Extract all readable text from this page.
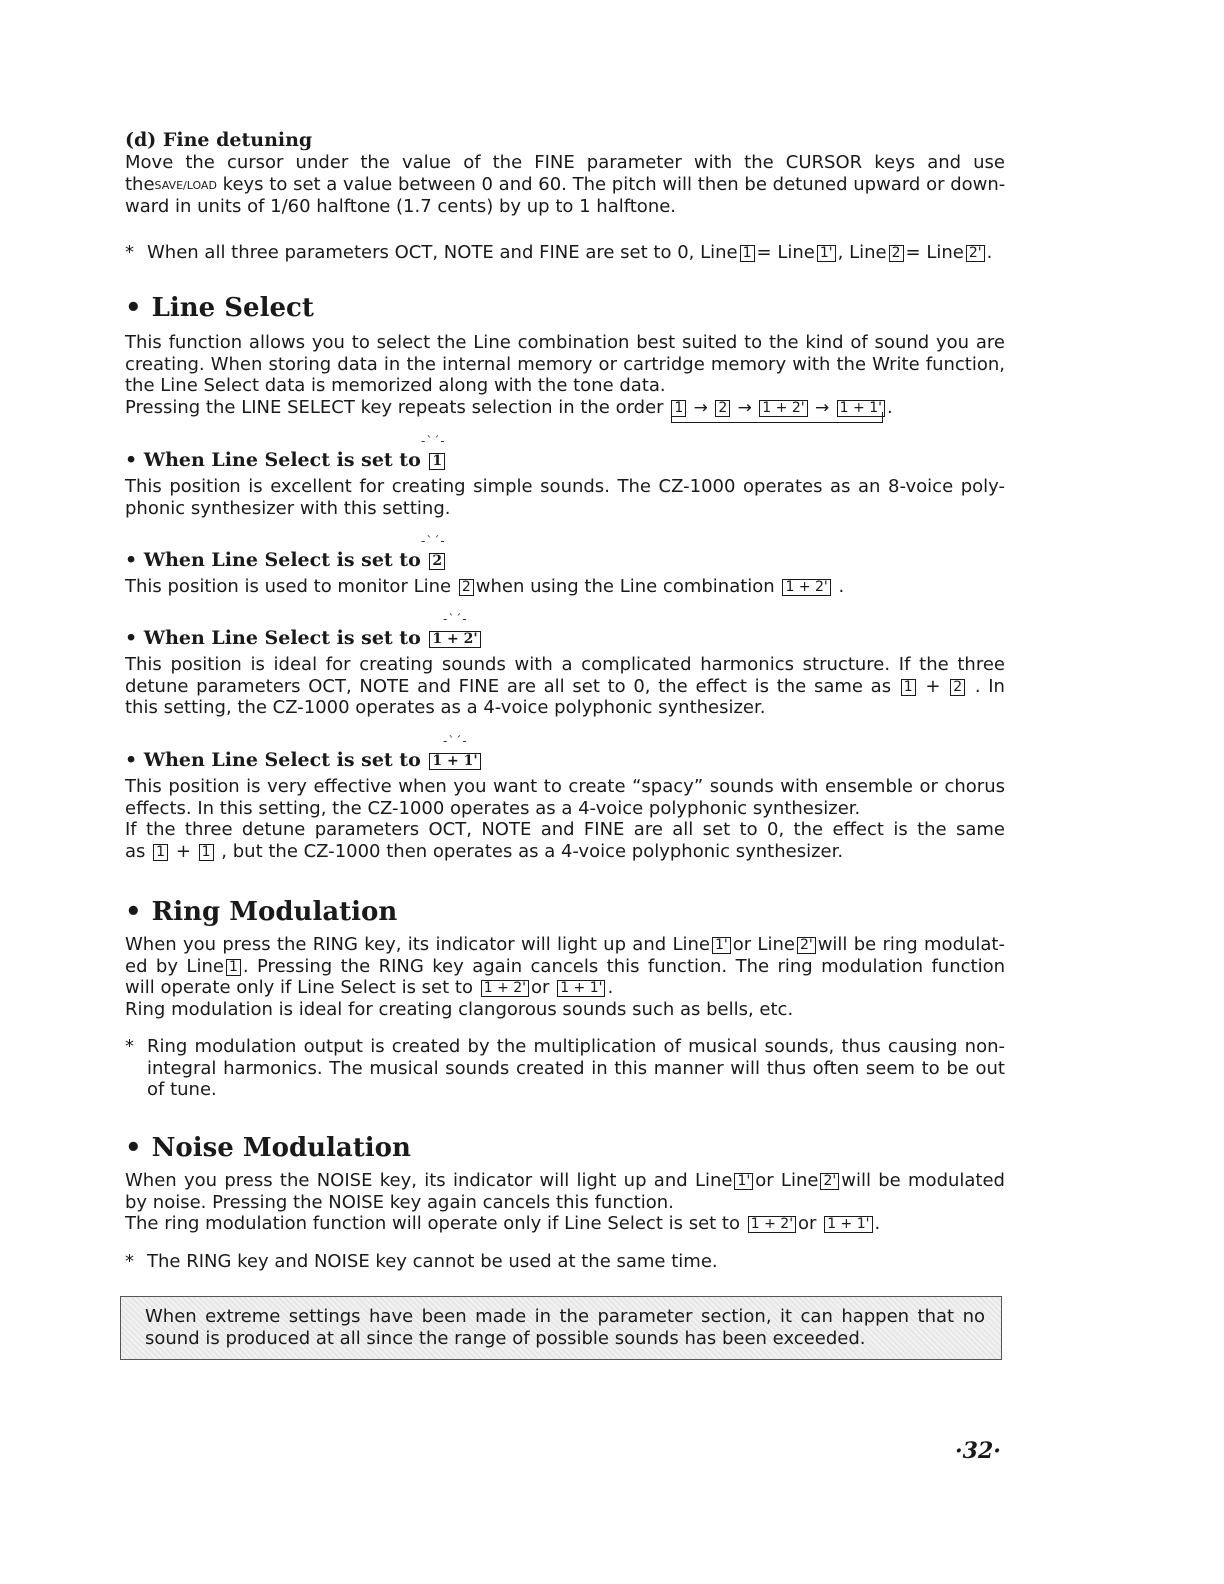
(d) Fine detuning
Move the cursor under the value of the FINE parameter with the CURSOR keys and use
theSAVE/LOAD keys to set a value between 0 and 60. The pitch will then be detuned upward or down-
ward in units of 1/60 halftone (1.7 cents) by up to 1 halftone.
* When all three parameters OCT, NOTE and FINE are set to 0, Line 1 = Line 1' , Line 2 = Line 2' .
• Line Select
This function allows you to select the Line combination best suited to the kind of sound you are
creating. When storing data in the internal memory or cartridge memory with the Write function,
the Line Select data is memorized along with the tone data.
Pressing the LINE SELECT key repeats selection in the order 1 → 2 → 1 + 2' → 1 + 1' .
-ˋ´-
• When Line Select is set to 1
This position is excellent for creating simple sounds. The CZ-1000 operates as an 8-voice poly-
phonic synthesizer with this setting.
-ˋ´-
• When Line Select is set to 2
This position is used to monitor Line 2 when using the Line combination 1 + 2' .
-ˋ´-
• When Line Select is set to 1 + 2'
This position is ideal for creating sounds with a complicated harmonics structure. If the three
detune parameters OCT, NOTE and FINE are all set to 0, the effect is the same as 1 + 2 . In
this setting, the CZ-1000 operates as a 4-voice polyphonic synthesizer.
-ˋ´-
• When Line Select is set to 1 + 1'
This position is very effective when you want to create “spacy” sounds with ensemble or chorus
effects. In this setting, the CZ-1000 operates as a 4-voice polyphonic synthesizer.
If the three detune parameters OCT, NOTE and FINE are all set to 0, the effect is the same
as 1 + 1 , but the CZ-1000 then operates as a 4-voice polyphonic synthesizer.
• Ring Modulation
When you press the RING key, its indicator will light up and Line 1' or Line 2' will be ring modulat-
ed by Line 1 . Pressing the RING key again cancels this function. The ring modulation function
will operate only if Line Select is set to 1 + 2' or 1 + 1' .
Ring modulation is ideal for creating clangorous sounds such as bells, etc.
* Ring modulation output is created by the multiplication of musical sounds, thus causing non-
integral harmonics. The musical sounds created in this manner will thus often seem to be out
of tune.
• Noise Modulation
When you press the NOISE key, its indicator will light up and Line 1' or Line 2' will be modulated
by noise. Pressing the NOISE key again cancels this function.
The ring modulation function will operate only if Line Select is set to 1 + 2' or 1 + 1' .
* The RING key and NOISE key cannot be used at the same time.
When extreme settings have been made in the parameter section, it can happen that no
sound is produced at all since the range of possible sounds has been exceeded.
·32·
